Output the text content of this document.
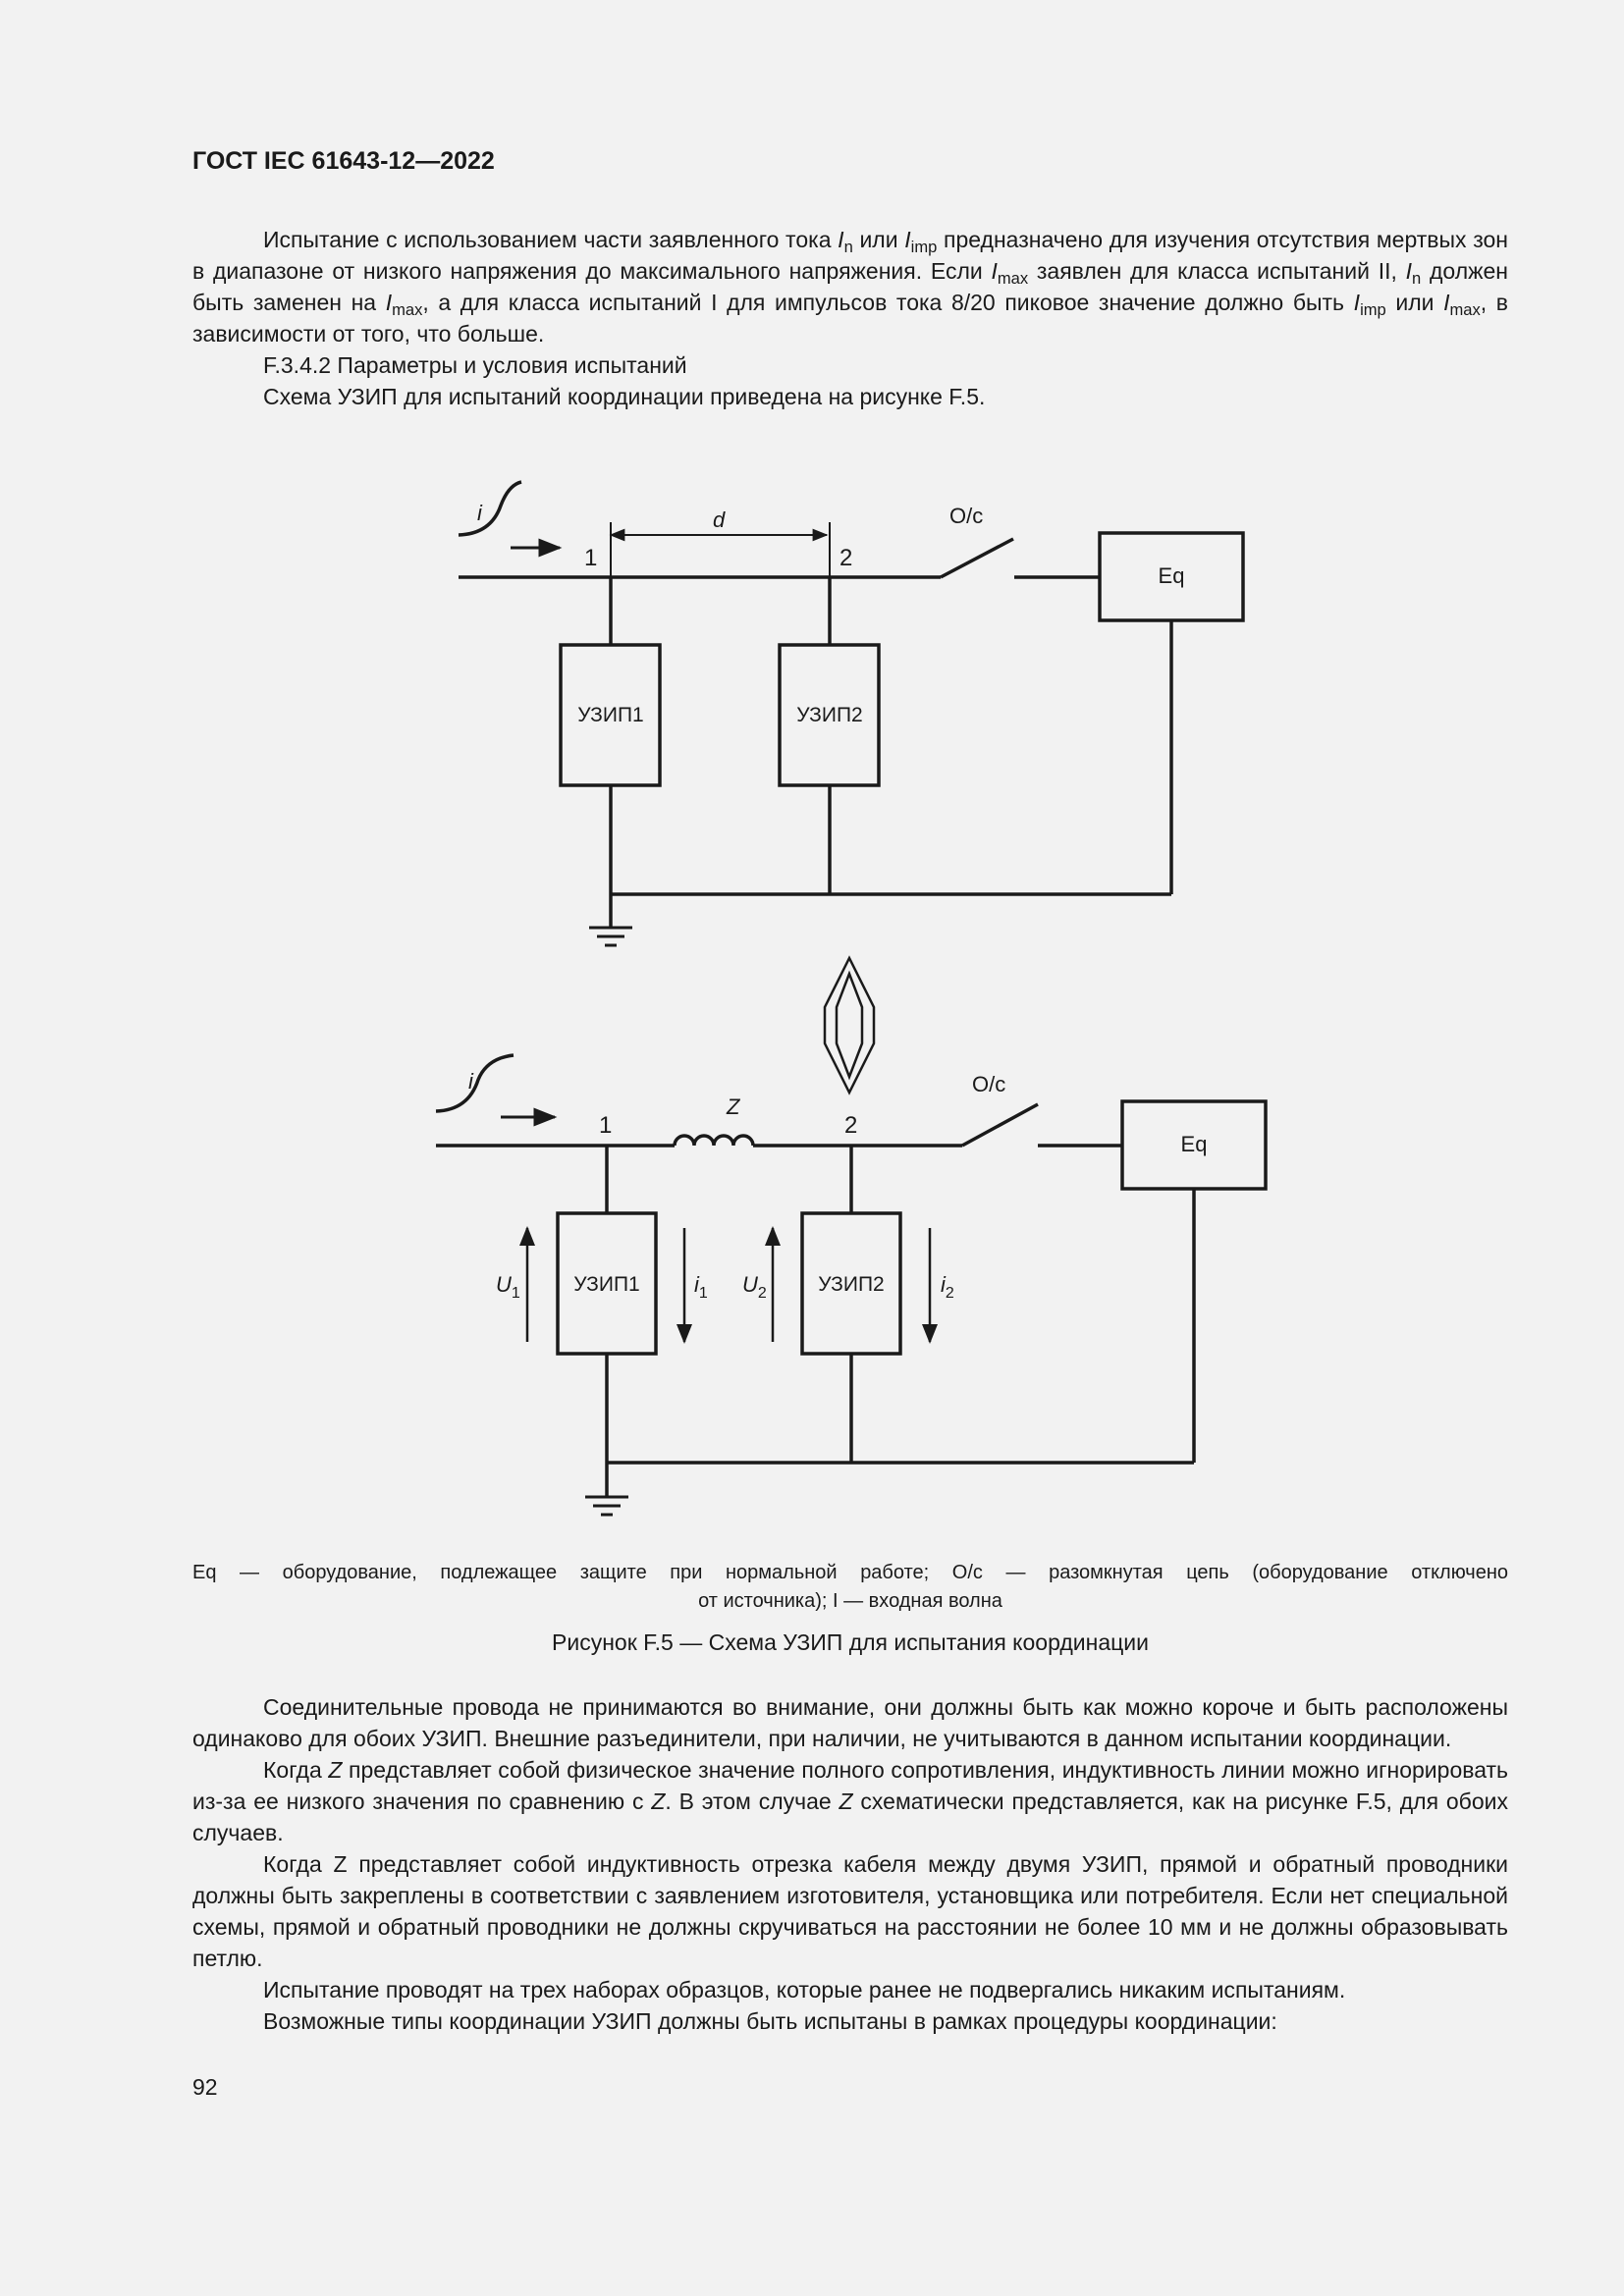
ГОСТ IEC 61643-12—2022

Испытание с использованием части заявленного тока $I_n$ или $I_{imp}$ предназначено для изучения отсутствия мертвых зон в диапазоне от низкого напряжения до максимального напряжения. Если $I_{max}$ заявлен для класса испытаний II, $I_n$ должен быть заменен на $I_{max}$, а для класса испытаний I для импульсов тока 8/20 пиковое значение должно быть $I_{imp}$ или $I_{max}$, в зависимости от того, что больше.

F.3.4.2 Параметры и условия испытаний

Схема УЗИП для испытаний координации приведена на рисунке F.5.

i
1	2
d	O/c
Eq
УЗИП1	УЗИП2
i
1	2
Z
O/c
Eq
УЗИП1	УЗИП2
$U_1$	$i_1$ $U_2$	$i_2$
Eq — оборудование, подлежащее защите при нормальной работе; O/c — разомкнутая цепь (оборудование отключено
от источника); I — входная волна
Рисунок F.5 — Схема УЗИП для испытания координации

Соединительные провода не принимаются во внимание, они должны быть как можно короче и быть расположены одинаково для обоих УЗИП. Внешние разъединители, при наличии, не учитываются в данном испытании координации.

Когда Z представляет собой физическое значение полного сопротивления, индуктивность линии можно игнорировать из-за ее низкого значения по сравнению с Z. В этом случае Z схематически представляется, как на рисунке F.5, для обоих случаев.

Когда Z представляет собой индуктивность отрезка кабеля между двумя УЗИП, прямой и обратный проводники должны быть закреплены в соответствии с заявлением изготовителя, установщика или потребителя. Если нет специальной схемы, прямой и обратный проводники не должны скручиваться на расстоянии не более 10 мм и не должны образовывать петлю.

Испытание проводят на трех наборах образцов, которые ранее не подвергались никаким испытаниям.

Возможные типы координации УЗИП должны быть испытаны в рамках процедуры координации:

92
